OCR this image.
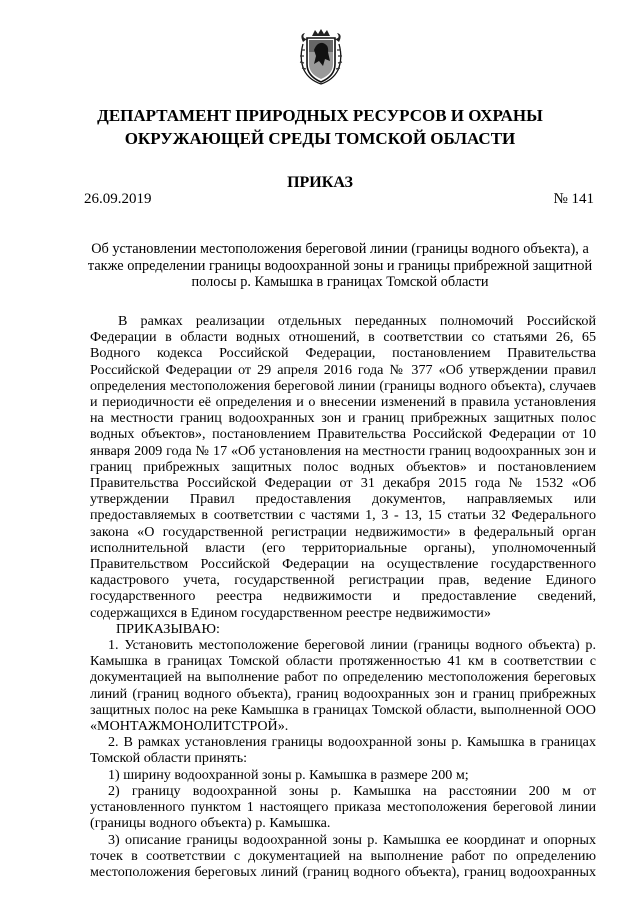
ДЕПАРТАМЕНТ ПРИРОДНЫХ РЕСУРСОВ И ОХРАНЫ
ОКРУЖАЮЩЕЙ СРЕДЫ ТОМСКОЙ ОБЛАСТИ
ПРИКАЗ
26.09.2019	№ 141
Об установлении местоположения береговой линии (границы водного объекта), а
также определении границы водоохранной зоны и границы прибрежной защитной
полосы р. Камышка в границах Томской области

В рамках реализации отдельных переданных полномочий Российской Федерации в области водных отношений, в соответствии со статьями 26, 65 Водного кодекса Российской Федерации, постановлением Правительства Российской Федерации от 29 апреля 2016 года № 377 «Об утверждении правил определения местоположения береговой линии (границы водного объекта), случаев и периодичности её определения и о внесении изменений в правила установления на местности границ водоохранных зон и границ прибрежных защитных полос водных объектов», постановлением Правительства Российской Федерации от 10 января 2009 года № 17 «Об установления на местности границ водоохранных зон и границ прибрежных защитных полос водных объектов» и постановлением Правительства Российской Федерации от 31 декабря 2015 года № 1532 «Об утверждении Правил предоставления документов, направляемых или предоставляемых в соответствии с частями 1, 3 - 13, 15 статьи 32 Федерального закона «О государственной регистрации недвижимости» в федеральный орган исполнительной власти (его территориальные органы), уполномоченный Правительством Российской Федерации на осуществление государственного кадастрового учета, государственной регистрации прав, ведение Единого государственного реестра недвижимости и предоставление сведений, содержащихся в Едином государственном реестре недвижимости»

ПРИКАЗЫВАЮ:

1. Установить местоположение береговой линии (границы водного объекта) р. Камышка в границах Томской области протяженностью 41 км в соответствии с документацией на выполнение работ по определению местоположения береговых линий (границ водного объекта), границ водоохранных зон и границ прибрежных защитных полос на реке Камышка в границах Томской области, выполненной ООО «МОНТАЖМОНОЛИТСТРОЙ».

2. В рамках установления границы водоохранной зоны р. Камышка в границах Томской области принять:

1) ширину водоохранной зоны р. Камышка в размере 200 м;

2) границу водоохранной зоны р. Камышка на расстоянии 200 м от установленного пунктом 1 настоящего приказа местоположения береговой линии (границы водного объекта) р. Камышка.

3) описание границы водоохранной зоны р. Камышка ее координат и опорных точек в соответствии с документацией на выполнение работ по определению местоположения береговых линий (границ водного объекта), границ водоохранных
